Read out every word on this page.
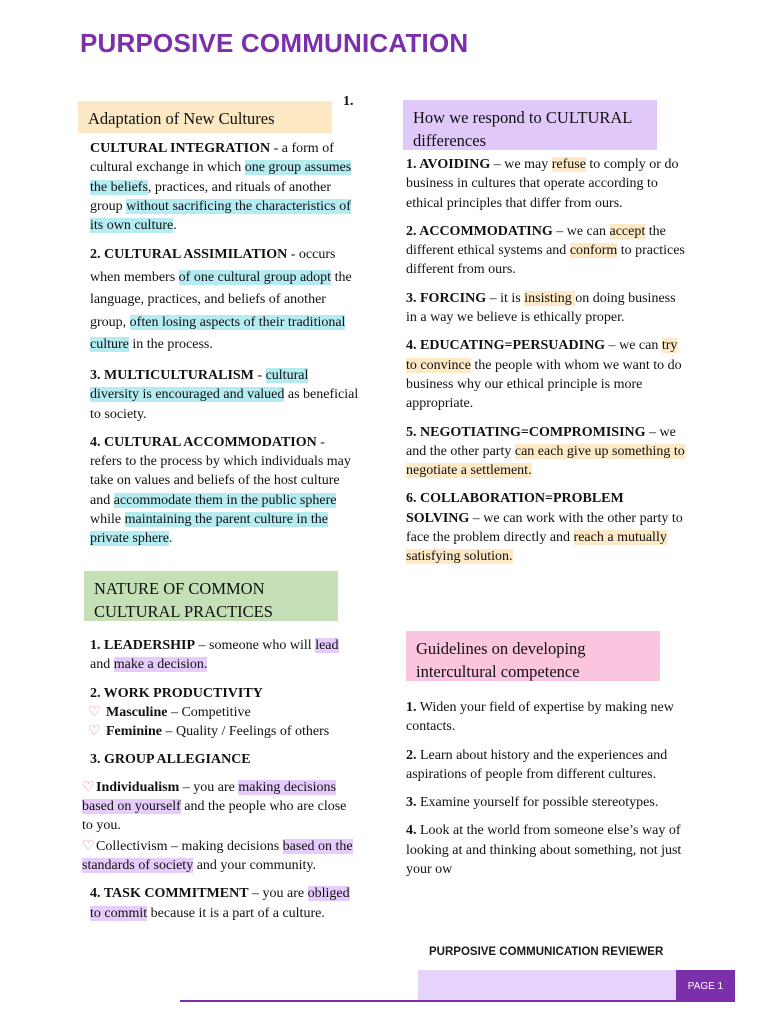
PURPOSIVE COMMUNICATION
1.
Adaptation of New Cultures

CULTURAL INTEGRATION - a form of cultural exchange in which one group assumes the beliefs, practices, and rituals of another group without sacrificing the characteristics of its own culture.

2. CULTURAL ASSIMILATION - occurs when members of one cultural group adopt the language, practices, and beliefs of another group, often losing aspects of their traditional culture in the process.

3. MULTICULTURALISM - cultural diversity is encouraged and valued as beneficial to society.

4. CULTURAL ACCOMMODATION - refers to the process by which individuals may take on values and beliefs of the host culture and accommodate them in the public sphere while maintaining the parent culture in the private sphere.

NATURE OF COMMON CULTURAL PRACTICES

1. LEADERSHIP – someone who will lead and make a decision.

2. WORK PRODUCTIVITY

♡ Masculine – Competitive
♡ Feminine – Quality / Feelings of others

3. GROUP ALLEGIANCE

♡Individualism – you are making decisions based on yourself and the people who are close to you.

♡Collectivism – making decisions based on the standards of society and your community.

4. TASK COMMITMENT – you are obliged to commit because it is a part of a culture.

How we respond to CULTURAL differences

1. AVOIDING – we may refuse to comply or do business in cultures that operate according to ethical principles that differ from ours.

2. ACCOMMODATING – we can accept the different ethical systems and conform to practices different from ours.

3. FORCING – it is insisting on doing business in a way we believe is ethically proper.

4. EDUCATING=PERSUADING – we can try to convince the people with whom we want to do business why our ethical principle is more appropriate.

5. NEGOTIATING=COMPROMISING – we and the other party can each give up something to negotiate a settlement.

6. COLLABORATION=PROBLEM SOLVING – we can work with the other party to face the problem directly and reach a mutually satisfying solution.

Guidelines on developing intercultural competence

1. Widen your field of expertise by making new contacts.

2. Learn about history and the experiences and aspirations of people from different cultures.

3. Examine yourself for possible stereotypes.

4. Look at the world from someone else’s way of looking at and thinking about something, not just your ow

PURPOSIVE COMMUNICATION REVIEWER
PAGE 1
